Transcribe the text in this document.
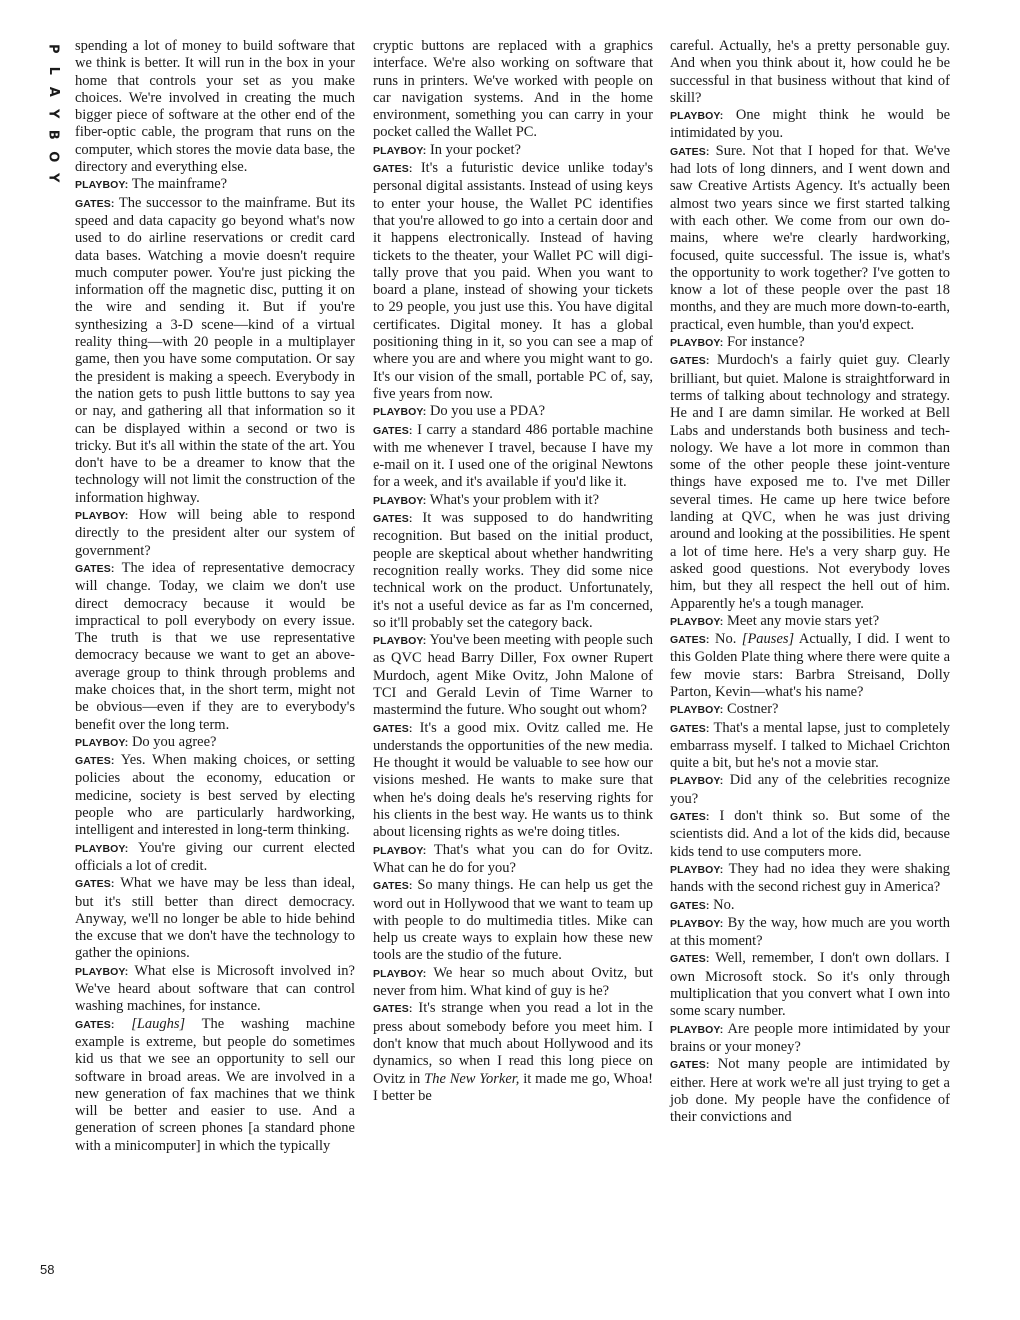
P
L
A
Y
B
O
Y
58

spending a lot of money to build software that we think is better. It will run in the box in your home that controls your set as you make choices. We're involved in creating the much bigger piece of software at the other end of the fiber-optic cable, the program that runs on the computer, which stores the movie data base, the directory and everything else.

PLAYBOY: The mainframe?

GATES: The successor to the mainframe. But its speed and data capacity go beyond what's now used to do airline reservations or credit card data bases. Watching a movie doesn't require much computer power. You're just picking the information off the magnetic disc, putting it on the wire and sending it. But if you're synthesizing a 3-D scene—kind of a virtual reality thing—with 20 people in a multiplayer game, then you have some computation. Or say the president is making a speech. Everybody in the nation gets to push little buttons to say yea or nay, and gathering all that information so it can be displayed within a second or two is tricky. But it's all within the state of the art. You don't have to be a dreamer to know that the technology will not limit the construction of the information highway.

PLAYBOY: How will being able to respond directly to the president alter our system of government?

GATES: The idea of representative democracy will change. Today, we claim we don't use direct democracy because it would be impractical to poll everybody on every issue. The truth is that we use representative democracy because we want to get an above-average group to think through problems and make choices that, in the short term, might not be obvious—even if they are to everybody's benefit over the long term.

PLAYBOY: Do you agree?

GATES: Yes. When making choices, or setting policies about the economy, education or medicine, society is best served by electing people who are particularly hardworking, intelligent and interested in long-term thinking.

PLAYBOY: You're giving our current elected officials a lot of credit.

GATES: What we have may be less than ideal, but it's still better than direct democracy. Anyway, we'll no longer be able to hide behind the excuse that we don't have the technology to gather the opinions.

PLAYBOY: What else is Microsoft involved in? We've heard about software that can control washing machines, for instance.

GATES: [Laughs] The washing machine example is extreme, but people do sometimes kid us that we see an opportunity to sell our software in broad areas. We are involved in a new generation of fax machines that we think will be better and easier to use. And a generation of screen phones [a standard phone with a minicomputer] in which the typically

cryptic buttons are replaced with a graphics interface. We're also working on software that runs in printers. We've worked with people on car navigation systems. And in the home environment, something you can carry in your pocket called the Wallet PC.

PLAYBOY: In your pocket?

GATES: It's a futuristic device unlike today's personal digital assistants. Instead of using keys to enter your house, the Wallet PC identifies that you're allowed to go into a certain door and it happens electronically. Instead of having tickets to the theater, your Wallet PC will digitally prove that you paid. When you want to board a plane, instead of showing your tickets to 29 people, you just use this. You have digital certificates. Digital money. It has a global positioning thing in it, so you can see a map of where you are and where you might want to go. It's our vision of the small, portable PC of, say, five years from now.

PLAYBOY: Do you use a PDA?

GATES: I carry a standard 486 portable machine with me whenever I travel, because I have my e-mail on it. I used one of the original Newtons for a week, and it's available if you'd like it.

PLAYBOY: What's your problem with it?

GATES: It was supposed to do handwriting recognition. But based on the initial product, people are skeptical about whether handwriting recognition really works. They did some nice technical work on the product. Unfortunately, it's not a useful device as far as I'm concerned, so it'll probably set the category back.

PLAYBOY: You've been meeting with people such as QVC head Barry Diller, Fox owner Rupert Murdoch, agent Mike Ovitz, John Malone of TCI and Gerald Levin of Time Warner to mastermind the future. Who sought out whom?

GATES: It's a good mix. Ovitz called me. He understands the opportunities of the new media. He thought it would be valuable to see how our visions meshed. He wants to make sure that when he's doing deals he's reserving rights for his clients in the best way. He wants us to think about licensing rights as we're doing titles.

PLAYBOY: That's what you can do for Ovitz. What can he do for you?

GATES: So many things. He can help us get the word out in Hollywood that we want to team up with people to do multimedia titles. Mike can help us create ways to explain how these new tools are the studio of the future.

PLAYBOY: We hear so much about Ovitz, but never from him. What kind of guy is he?

GATES: It's strange when you read a lot in the press about somebody before you meet him. I don't know that much about Hollywood and its dynamics, so when I read this long piece on Ovitz in The New Yorker, it made me go, Whoa! I better be

careful. Actually, he's a pretty personable guy. And when you think about it, how could he be successful in that business without that kind of skill?

PLAYBOY: One might think he would be intimidated by you.

GATES: Sure. Not that I hoped for that. We've had lots of long dinners, and I went down and saw Creative Artists Agency. It's actually been almost two years since we first started talking with each other. We come from our own domains, where we're clearly hardworking, focused, quite successful. The issue is, what's the opportunity to work together? I've gotten to know a lot of these people over the past 18 months, and they are much more down-to-earth, practical, even humble, than you'd expect.

PLAYBOY: For instance?

GATES: Murdoch's a fairly quiet guy. Clearly brilliant, but quiet. Malone is straightforward in terms of talking about technology and strategy. He and I are damn similar. He worked at Bell Labs and understands both business and technology. We have a lot more in common than some of the other people these joint-venture things have exposed me to. I've met Diller several times. He came up here twice before landing at QVC, when he was just driving around and looking at the possibilities. He spent a lot of time here. He's a very sharp guy. He asked good questions. Not everybody loves him, but they all respect the hell out of him. Apparently he's a tough manager.

PLAYBOY: Meet any movie stars yet?

GATES: No. [Pauses] Actually, I did. I went to this Golden Plate thing where there were quite a few movie stars: Barbra Streisand, Dolly Parton, Kevin—what's his name?

PLAYBOY: Costner?

GATES: That's a mental lapse, just to completely embarrass myself. I talked to Michael Crichton quite a bit, but he's not a movie star.

PLAYBOY: Did any of the celebrities recognize you?

GATES: I don't think so. But some of the scientists did. And a lot of the kids did, because kids tend to use computers more.

PLAYBOY: They had no idea they were shaking hands with the second richest guy in America?

GATES: No.

PLAYBOY: By the way, how much are you worth at this moment?

GATES: Well, remember, I don't own dollars. I own Microsoft stock. So it's only through multiplication that you convert what I own into some scary number.

PLAYBOY: Are people more intimidated by your brains or your money?

GATES: Not many people are intimidated by either. Here at work we're all just trying to get a job done. My people have the confidence of their convictions and
